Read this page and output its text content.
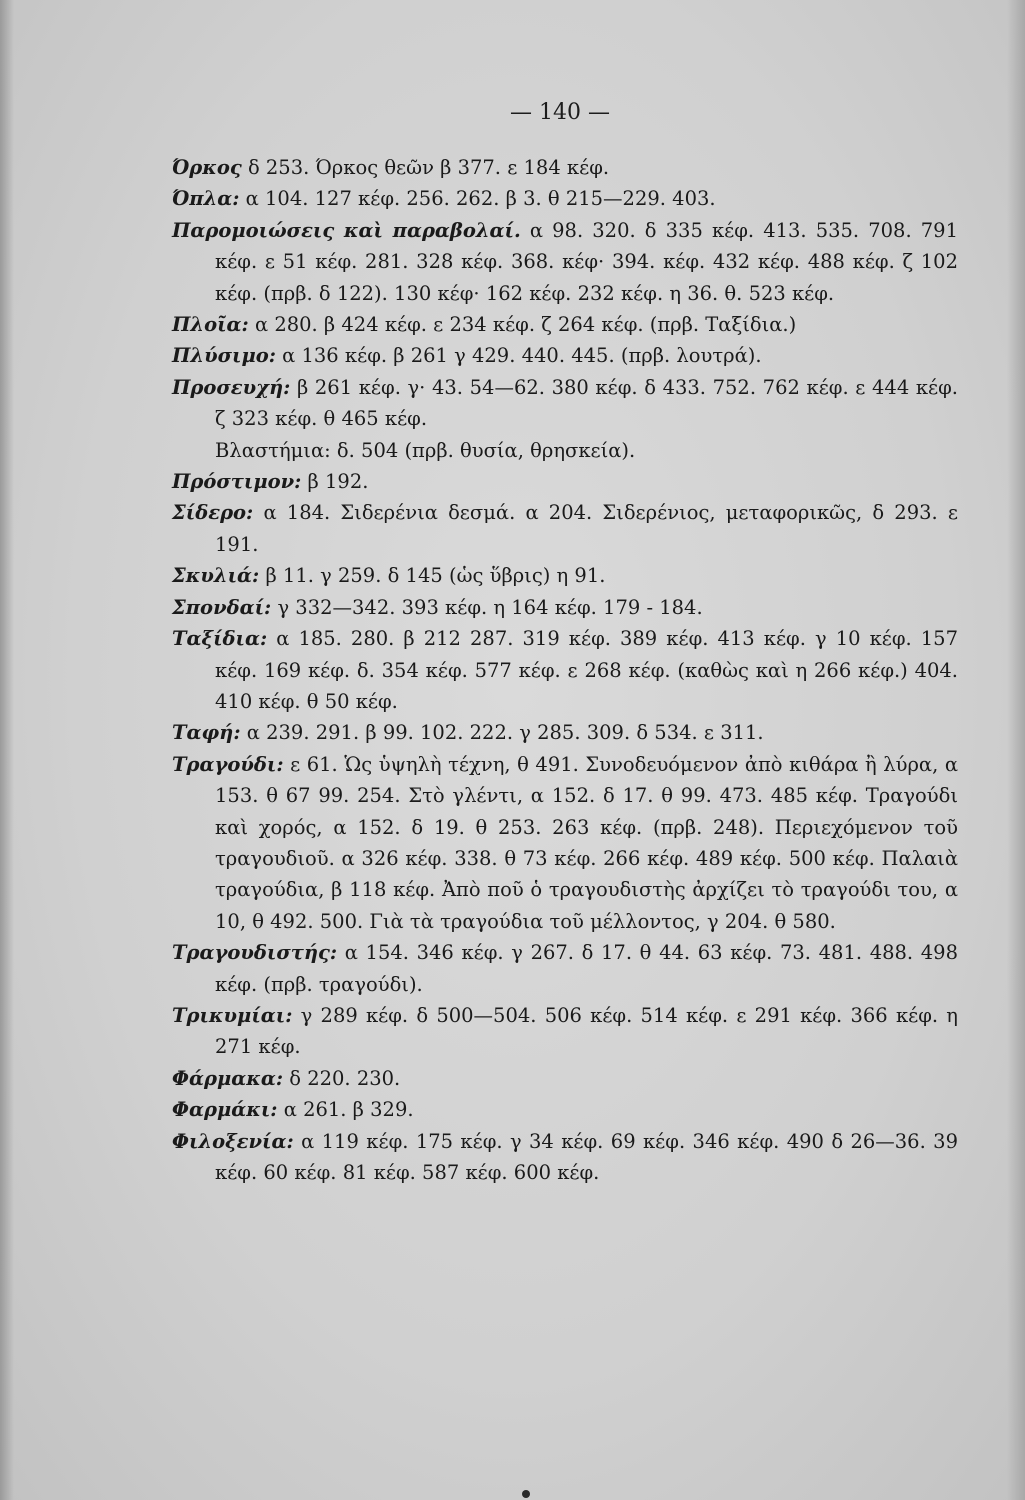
— 140 —

Όρκος δ 253. Όρκος θεῶν β 377. ε 184 κέφ.

Όπλα: α 104. 127 κέφ. 256. 262. β 3. θ 215—229. 403.

Παρομοιώσεις καὶ παραβολαί. α 98. 320. δ 335 κέφ. 413. 535. 708. 791 κέφ. ε 51 κέφ. 281. 328 κέφ. 368. κέφ· 394. κέφ. 432 κέφ. 488 κέφ. ζ 102 κέφ. (πρβ. δ 122). 130 κέφ· 162 κέφ. 232 κέφ. η 36. θ. 523 κέφ.

Πλοῖα: α 280. β 424 κέφ. ε 234 κέφ. ζ 264 κέφ. (πρβ. Ταξίδια.)

Πλύσιμο: α 136 κέφ. β 261 γ 429. 440. 445. (πρβ. λουτρά).

Προσευχή: β 261 κέφ. γ· 43. 54—62. 380 κέφ. δ 433. 752. 762 κέφ. ε 444 κέφ. ζ 323 κέφ. θ 465 κέφ.

Βλαστήμια: δ. 504 (πρβ. θυσία, θρησκεία).

Πρόστιμον: β 192.

Σίδερο: α 184. Σιδερένια δεσμά. α 204. Σιδερένιος, μεταφορικῶς, δ 293. ε 191.

Σκυλιά: β 11. γ 259. δ 145 (ὡς ὕβρις) η 91.

Σπονδαί: γ 332—342. 393 κέφ. η 164 κέφ. 179 - 184.

Ταξίδια: α 185. 280. β 212 287. 319 κέφ. 389 κέφ. 413 κέφ. γ 10 κέφ. 157 κέφ. 169 κέφ. δ. 354 κέφ. 577 κέφ. ε 268 κέφ. (καθὼς καὶ η 266 κέφ.) 404. 410 κέφ. θ 50 κέφ.

Ταφή: α 239. 291. β 99. 102. 222. γ 285. 309. δ 534. ε 311.

Τραγούδι: ε 61. Ὡς ὑψηλὴ τέχνη, θ 491. Συνοδευόμενον ἀπὸ κιθάρα ἢ λύρα, α 153. θ 67 99. 254. Στὸ γλέντι, α 152. δ 17. θ 99. 473. 485 κέφ. Τραγούδι καὶ χορός, α 152. δ 19. θ 253. 263 κέφ. (πρβ. 248). Περιεχόμενον τοῦ τραγουδιοῦ. α 326 κέφ. 338. θ 73 κέφ. 266 κέφ. 489 κέφ. 500 κέφ. Παλαιὰ τραγούδια, β 118 κέφ. Ἀπὸ ποῦ ὁ τραγουδιστὴς ἀρχίζει τὸ τραγούδι του, α 10, θ 492. 500. Γιὰ τὰ τραγούδια τοῦ μέλλοντος, γ 204. θ 580.

Τραγουδιστής: α 154. 346 κέφ. γ 267. δ 17. θ 44. 63 κέφ. 73. 481. 488. 498 κέφ. (πρβ. τραγούδι).

Τρικυμίαι: γ 289 κέφ. δ 500—504. 506 κέφ. 514 κέφ. ε 291 κέφ. 366 κέφ. η 271 κέφ.

Φάρμακα: δ 220. 230.

Φαρμάκι: α 261. β 329.

Φιλοξενία: α 119 κέφ. 175 κέφ. γ 34 κέφ. 69 κέφ. 346 κέφ. 490 δ 26—36. 39 κέφ. 60 κέφ. 81 κέφ. 587 κέφ. 600 κέφ.
